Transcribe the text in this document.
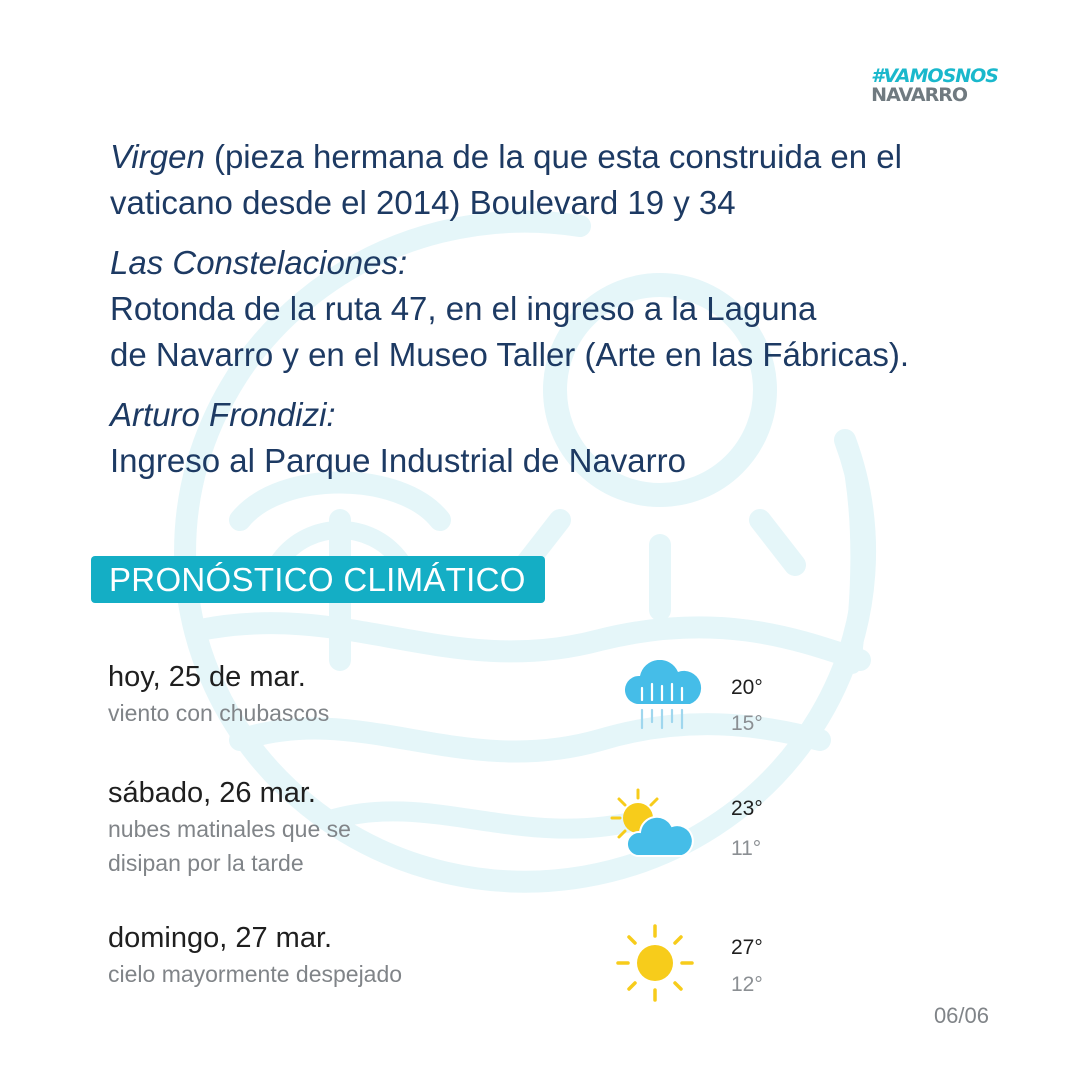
#VAMOSNOS
NAVARRO
Virgen (pieza hermana de la que esta construida en el
vaticano desde el 2014) Boulevard 19 y 34
Las Constelaciones:
Rotonda de la ruta 47, en el ingreso a la Laguna
de Navarro y en el Museo Taller (Arte en las Fábricas).
Arturo Frondizi:
Ingreso al Parque Industrial de Navarro
PRONÓSTICO CLIMÁTICO
hoy, 25 de mar.
viento con chubascos
20°
15°
sábado, 26 mar.
nubes matinales que se
disipan por la tarde
23°
11°
domingo, 27 mar.
cielo mayormente despejado
27°
12°
06/06
